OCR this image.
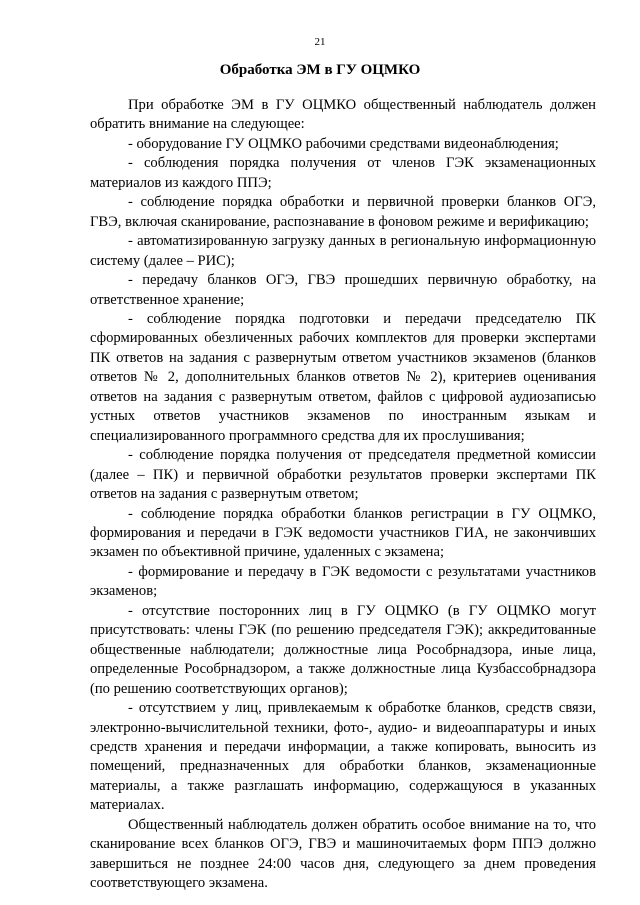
21
Обработка ЭМ в ГУ ОЦМКО

При обработке ЭМ в ГУ ОЦМКО общественный наблюдатель должен обратить внимание на следующее:

- оборудование ГУ ОЦМКО рабочими средствами видеонаблюдения;

- соблюдения порядка получения от членов ГЭК экзаменационных материалов из каждого ППЭ;

- соблюдение порядка обработки и первичной проверки бланков ОГЭ, ГВЭ, включая сканирование, распознавание в фоновом режиме и верификацию;

- автоматизированную загрузку данных в региональную информационную систему (далее – РИС);

- передачу бланков ОГЭ, ГВЭ прошедших первичную обработку, на ответственное хранение;

- соблюдение порядка подготовки и передачи председателю ПК сформированных обезличенных рабочих комплектов для проверки экспертами ПК ответов на задания с развернутым ответом участников экзаменов (бланков ответов № 2, дополнительных бланков ответов № 2), критериев оценивания ответов на задания с развернутым ответом, файлов с цифровой аудиозаписью устных ответов участников экзаменов по иностранным языкам и специализированного программного средства для их прослушивания;

- соблюдение порядка получения от председателя предметной комиссии (далее – ПК) и первичной обработки результатов проверки экспертами ПК ответов на задания с развернутым ответом;

- соблюдение порядка обработки бланков регистрации в ГУ ОЦМКО, формирования и передачи в ГЭК ведомости участников ГИА, не закончивших экзамен по объективной причине, удаленных с экзамена;

- формирование и передачу в ГЭК ведомости с результатами участников экзаменов;

- отсутствие посторонних лиц в ГУ ОЦМКО (в ГУ ОЦМКО могут присутствовать: члены ГЭК (по решению председателя ГЭК); аккредитованные общественные наблюдатели; должностные лица Рособрнадзора, иные лица, определенные Рособрнадзором, а также должностные лица Кузбассобрнадзора (по решению соответствующих органов);

- отсутствием у лиц, привлекаемым к обработке бланков, средств связи, электронно-вычислительной техники, фото-, аудио- и видеоаппаратуры и иных средств хранения и передачи информации, а также копировать, выносить из помещений, предназначенных для обработки бланков, экзаменационные материалы, а также разглашать информацию, содержащуюся в указанных материалах.

Общественный наблюдатель должен обратить особое внимание на то, что сканирование всех бланков ОГЭ, ГВЭ и машиночитаемых форм ППЭ должно завершиться не позднее 24:00 часов дня, следующего за днем проведения соответствующего экзамена.
